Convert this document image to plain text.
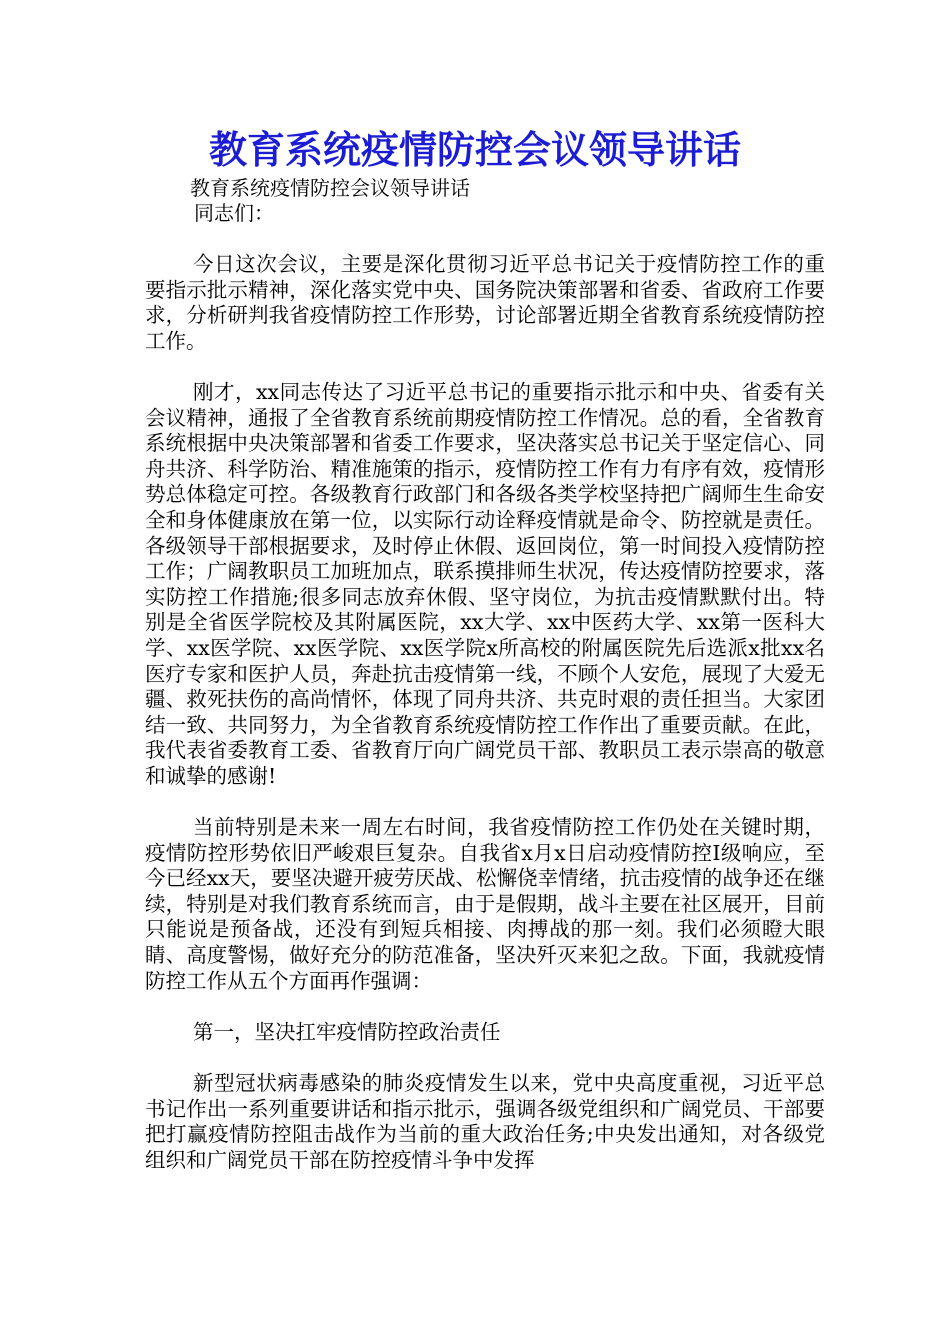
教育系统疫情防控会议领导讲话
教育系统疫情防控会议领导讲话
同志们：

今日这次会议，主要是深化贯彻习近平总书记关于疫情防控工作的重要指示批示精神，深化落实党中央、国务院决策部署和省委、省政府工作要求，分析研判我省疫情防控工作形势，讨论部署近期全省教育系统疫情防控工作。

刚才，xx同志传达了习近平总书记的重要指示批示和中央、省委有关会议精神，通报了全省教育系统前期疫情防控工作情况。总的看，全省教育系统根据中央决策部署和省委工作要求，坚决落实总书记关于坚定信心、同舟共济、科学防治、精准施策的指示，疫情防控工作有力有序有效，疫情形势总体稳定可控。各级教育行政部门和各级各类学校坚持把广阔师生生命安全和身体健康放在第一位，以实际行动诠释疫情就是命令、防控就是责任。各级领导干部根据要求，及时停止休假、返回岗位，第一时间投入疫情防控工作；广阔教职员工加班加点，联系摸排师生状况，传达疫情防控要求，落实防控工作措施;很多同志放弃休假、坚守岗位，为抗击疫情默默付出。特别是全省医学院校及其附属医院，xx大学、xx中医药大学、xx第一医科大学、xx医学院、xx医学院、xx医学院x所高校的附属医院先后选派x批xx名医疗专家和医护人员，奔赴抗击疫情第一线，不顾个人安危，展现了大爱无疆、救死扶伤的高尚情怀，体现了同舟共济、共克时艰的责任担当。大家团结一致、共同努力，为全省教育系统疫情防控工作作出了重要贡献。在此，我代表省委教育工委、省教育厅向广阔党员干部、教职员工表示崇高的敬意和诚挚的感谢!

当前特别是未来一周左右时间，我省疫情防控工作仍处在关键时期，疫情防控形势依旧严峻艰巨复杂。自我省x月x日启动疫情防控Ⅰ级响应，至今已经xx天，要坚决避开疲劳厌战、松懈侥幸情绪，抗击疫情的战争还在继续，特别是对我们教育系统而言，由于是假期，战斗主要在社区展开，目前只能说是预备战，还没有到短兵相接、肉搏战的那一刻。我们必须瞪大眼睛、高度警惕，做好充分的防范准备，坚决歼灭来犯之敌。下面，我就疫情防控工作从五个方面再作强调：

第一，坚决扛牢疫情防控政治责任

新型冠状病毒感染的肺炎疫情发生以来，党中央高度重视，习近平总书记作出一系列重要讲话和指示批示，强调各级党组织和广阔党员、干部要把打赢疫情防控阻击战作为当前的重大政治任务;中央发出通知，对各级党组织和广阔党员干部在防控疫情斗争中发挥
